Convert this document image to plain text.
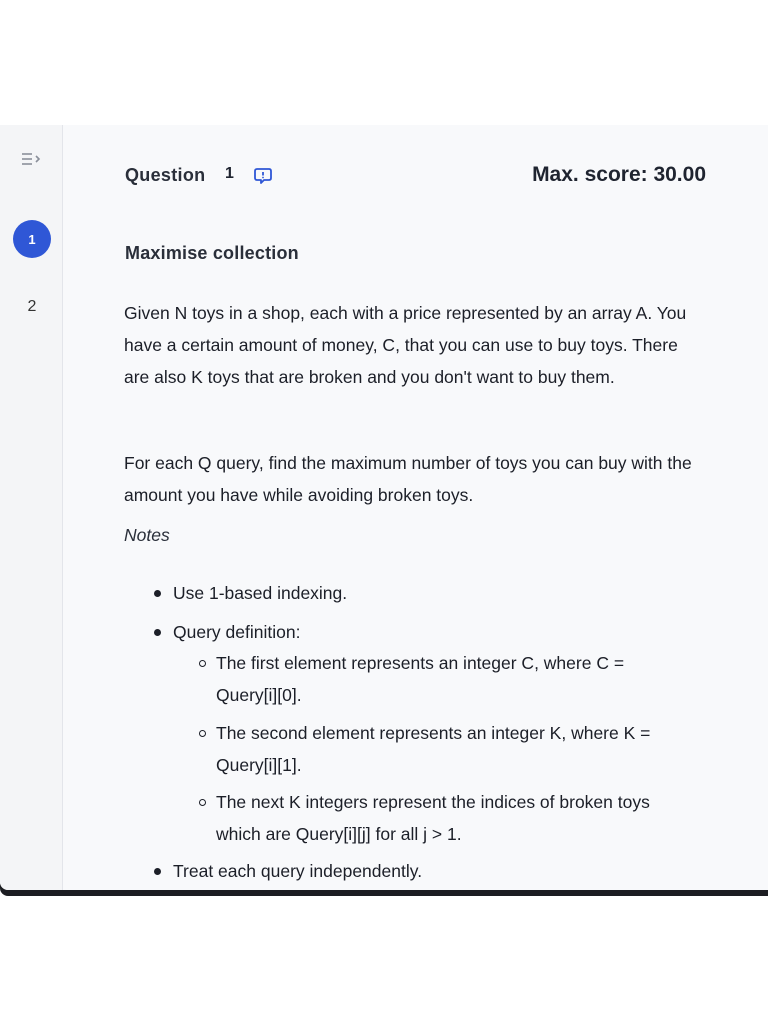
1
2
Question 1	Max. score: 30.00
Maximise collection
Given N toys in a shop, each with a price represented by an array A. You have a certain amount of money, C, that you can use to buy toys. There are also K toys that are broken and you don't want to buy them.
For each Q query, find the maximum number of toys you can buy with the amount you have while avoiding broken toys.
Notes
Use 1-based indexing.
Query definition:
The first element represents an integer C, where C = Query[i][0].
The second element represents an integer K, where K = Query[i][1].
The next K integers represent the indices of broken toys which are Query[i][j] for all j > 1.
Treat each query independently.
